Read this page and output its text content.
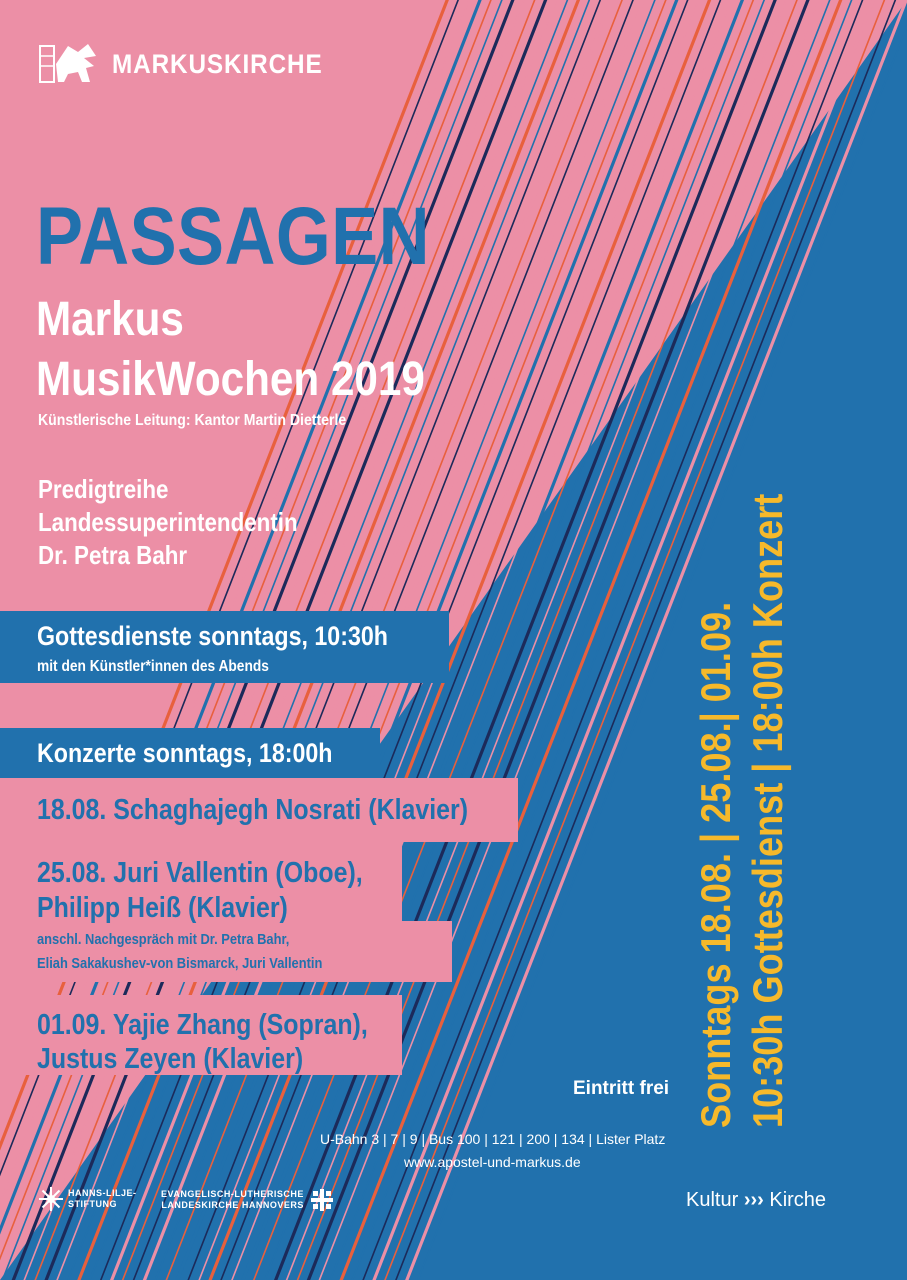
MARKUSKIRCHE
PASSAGEN
Markus
MusikWochen 2019
Künstlerische Leitung: Kantor Martin Dietterle
Predigtreihe
Landessuperintendentin
Dr. Petra Bahr
Gottesdienste sonntags, 10:30h
mit den Künstler*innen des Abends
Konzerte sonntags, 18:00h
18.08. Schaghajegh Nosrati (Klavier)
25.08. Juri Vallentin (Oboe),
Philipp Heiß (Klavier)
anschl. Nachgespräch mit Dr. Petra Bahr,
Eliah Sakakushev-von Bismarck, Juri Vallentin
01.09. Yajie Zhang (Sopran),
Justus Zeyen (Klavier)	Sonntags 18.08. | 25.08.| 01.09. 10:30h Gottesdienst | 18:00h Konzert
Eintritt frei
U-Bahn 3 | 7 | 9 | Bus 100 | 121 | 200 | 134 | Lister Platz
www.apostel-und-markus.de
HANNS-LILJE-
STIFTUNG
EVANGELISCH-LUTHERISCHE
LANDESKIRCHE HANNOVERS	Kultur ››› Kirche
